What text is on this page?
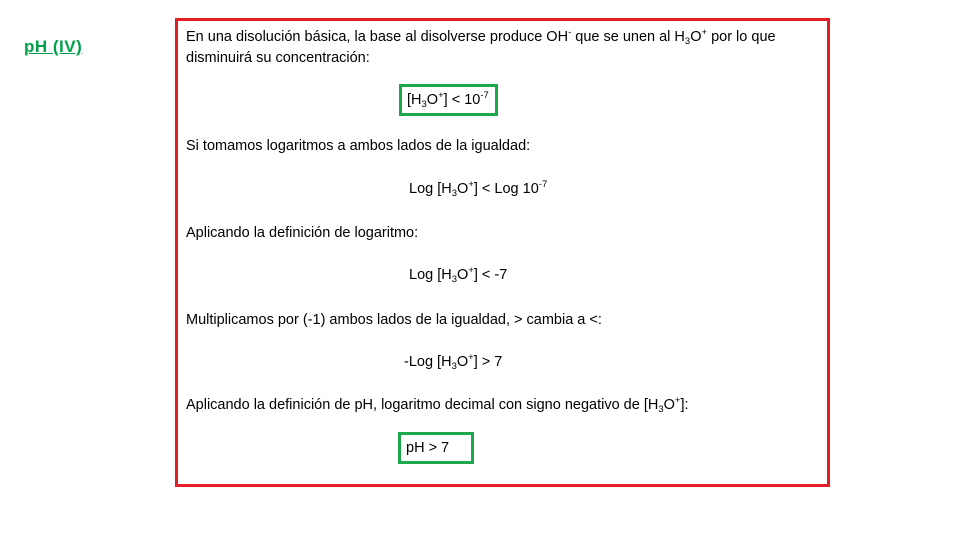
pH (IV)	En una disolución básica, la base al disolverse produce OH- que se unen al $H_3O^+$ por lo que disminuirá su concentración:
$[H_3O^+] < 10^{-7}$
Si tomamos logaritmos a ambos lados de la igualdad:
Log $[H_3O^+]$ < Log $10^{-7}$
Aplicando la definición de logaritmo:
Log $[H_3O^+] < -7$
Multiplicamos por (-1) ambos lados de la igualdad, > cambia a <:
-Log $[H_3O^+] > 7$
Aplicando la definición de pH, logaritmo decimal con signo negativo de $[H_3O^+]$:
pH > 7
